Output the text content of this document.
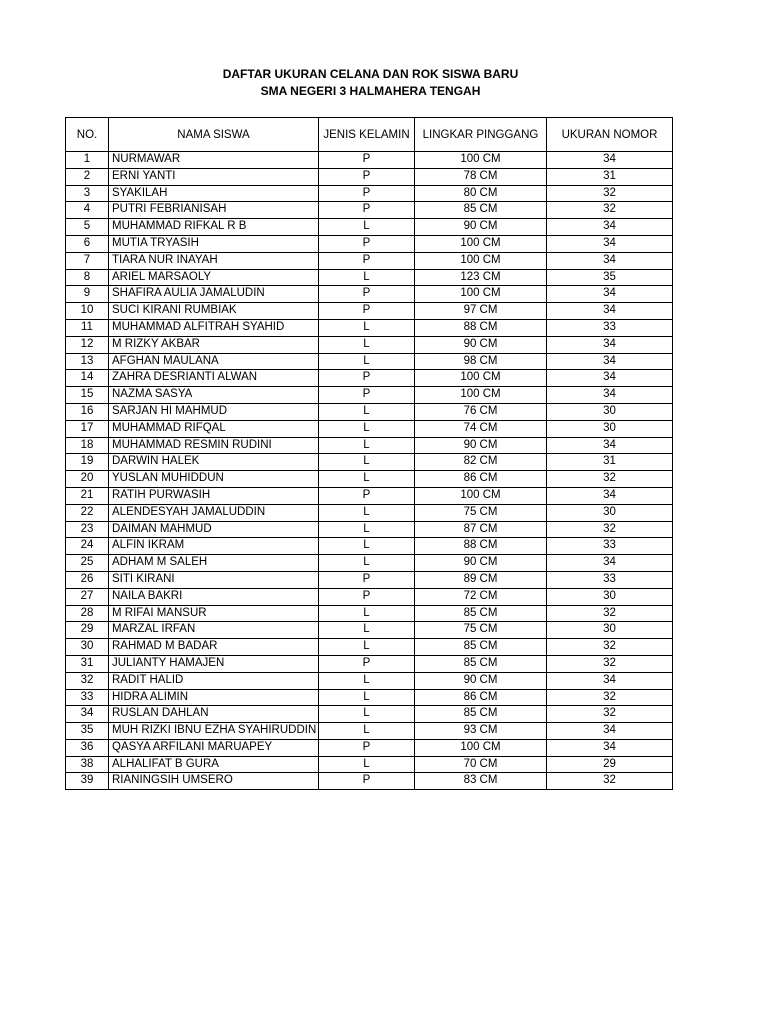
DAFTAR UKURAN CELANA DAN ROK SISWA BARU
SMA NEGERI 3 HALMAHERA TENGAH
NO.	NAMA SISWA	JENIS KELAMIN	LINGKAR PINGGANG	UKURAN NOMOR
1	NURMAWAR	P	100 CM	34
2	ERNI YANTI	P	78 CM	31
3	SYAKILAH	P	80 CM	32
4	PUTRI FEBRIANISAH	P	85 CM	32
5	MUHAMMAD RIFKAL R B	L	90 CM	34
6	MUTIA TRYASIH	P	100 CM	34
7	TIARA NUR INAYAH	P	100 CM	34
8	ARIEL MARSAOLY	L	123 CM	35
9	SHAFIRA AULIA JAMALUDIN	P	100 CM	34
10	SUCI KIRANI RUMBIAK	P	97 CM	34
11	MUHAMMAD ALFITRAH SYAHID	L	88 CM	33
12	M RIZKY AKBAR	L	90 CM	34
13	AFGHAN MAULANA	L	98 CM	34
14	ZAHRA DESRIANTI ALWAN	P	100 CM	34
15	NAZMA SASYA	P	100 CM	34
16	SARJAN HI MAHMUD	L	76 CM	30
17	MUHAMMAD RIFQAL	L	74 CM	30
18	MUHAMMAD RESMIN RUDINI	L	90 CM	34
19	DARWIN HALEK	L	82 CM	31
20	YUSLAN MUHIDDUN	L	86 CM	32
21	RATIH PURWASIH	P	100 CM	34
22	ALENDESYAH JAMALUDDIN	L	75 CM	30
23	DAIMAN MAHMUD	L	87 CM	32
24	ALFIN IKRAM	L	88 CM	33
25	ADHAM M SALEH	L	90 CM	34
26	SITI KIRANI	P	89 CM	33
27	NAILA BAKRI	P	72 CM	30
28	M RIFAI MANSUR	L	85 CM	32
29	MARZAL IRFAN	L	75 CM	30
30	RAHMAD M BADAR	L	85 CM	32
31	JULIANTY HAMAJEN	P	85 CM	32
32	RADIT HALID	L	90 CM	34
33	HIDRA ALIMIN	L	86 CM	32
34	RUSLAN DAHLAN	L	85 CM	32
35	MUH RIZKI IBNU EZHA SYAHIRUDDIN	L	93 CM	34
36	QASYA ARFILANI MARUAPEY	P	100 CM	34
38	ALHALIFAT B GURA	L	70 CM	29
39	RIANINGSIH UMSERO	P	83 CM	32
